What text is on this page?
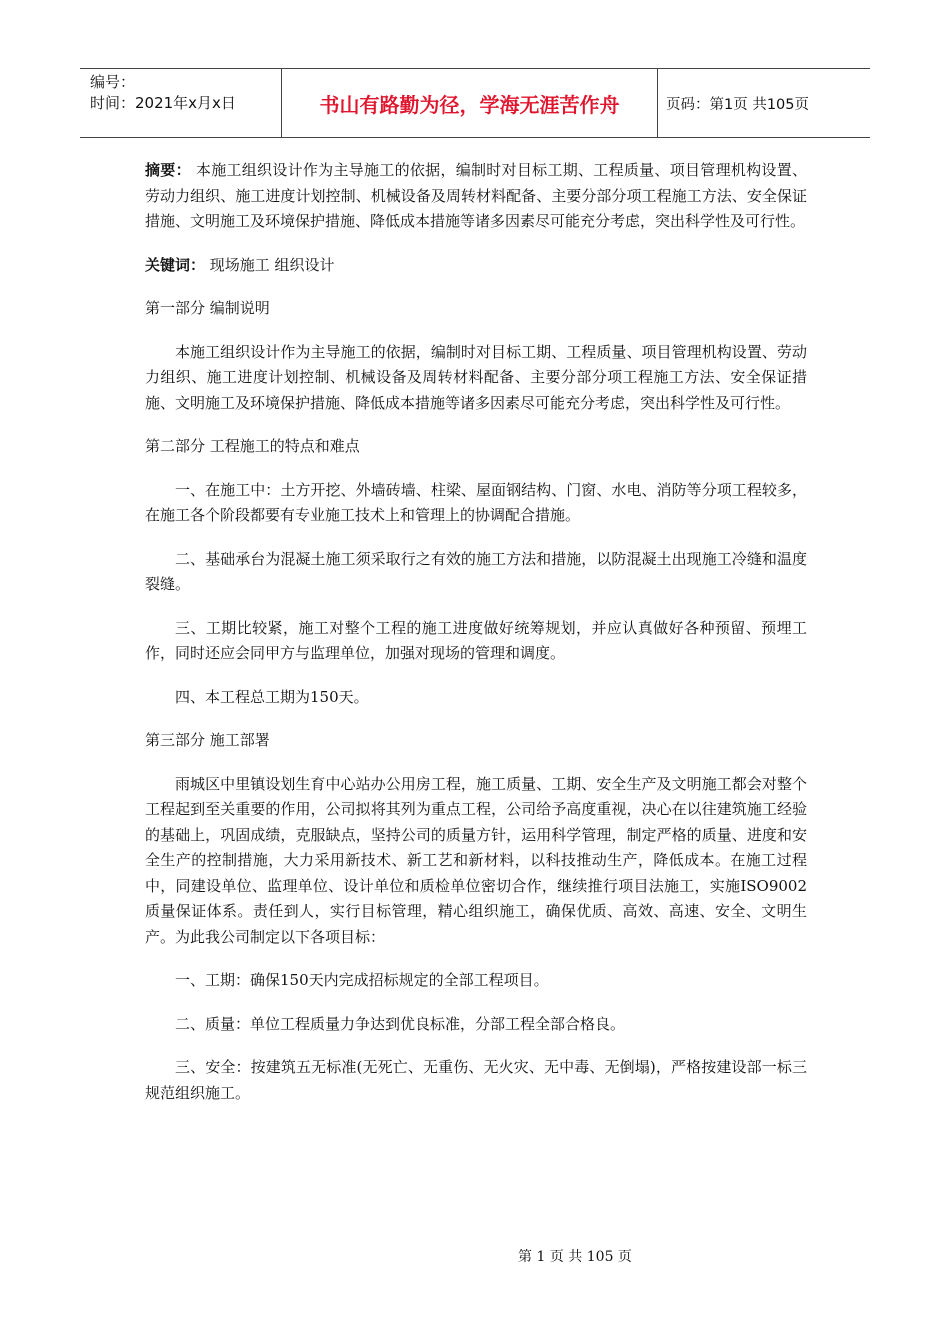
编号：
时间：2021年x月x日	书山有路勤为径，学海无涯苦作舟	页码：第1页 共105页

摘要： 本施工组织设计作为主导施工的依据，编制时对目标工期、工程质量、项目管理机构设置、劳动力组织、施工进度计划控制、机械设备及周转材料配备、主要分部分项工程施工方法、安全保证措施、文明施工及环境保护措施、降低成本措施等诸多因素尽可能充分考虑，突出科学性及可行性。

关键词： 现场施工 组织设计

第一部分 编制说明

本施工组织设计作为主导施工的依据，编制时对目标工期、工程质量、项目管理机构设置、劳动力组织、施工进度计划控制、机械设备及周转材料配备、主要分部分项工程施工方法、安全保证措施、文明施工及环境保护措施、降低成本措施等诸多因素尽可能充分考虑，突出科学性及可行性。

第二部分 工程施工的特点和难点

一、在施工中：土方开挖、外墙砖墙、柱梁、屋面钢结构、门窗、水电、消防等分项工程较多，在施工各个阶段都要有专业施工技术上和管理上的协调配合措施。

二、基础承台为混凝土施工须采取行之有效的施工方法和措施，以防混凝土出现施工冷缝和温度裂缝。

三、工期比较紧，施工对整个工程的施工进度做好统筹规划，并应认真做好各种预留、预埋工作，同时还应会同甲方与监理单位，加强对现场的管理和调度。

四、本工程总工期为150天。

第三部分 施工部署

雨城区中里镇设划生育中心站办公用房工程，施工质量、工期、安全生产及文明施工都会对整个工程起到至关重要的作用，公司拟将其列为重点工程，公司给予高度重视，决心在以往建筑施工经验的基础上，巩固成绩，克服缺点，坚持公司的质量方针，运用科学管理，制定严格的质量、进度和安全生产的控制措施，大力采用新技术、新工艺和新材料，以科技推动生产，降低成本。在施工过程中，同建设单位、监理单位、设计单位和质检单位密切合作，继续推行项目法施工，实施ISO9002质量保证体系。责任到人，实行目标管理，精心组织施工，确保优质、高效、高速、安全、文明生产。为此我公司制定以下各项目标：

一、工期：确保150天内完成招标规定的全部工程项目。

二、质量：单位工程质量力争达到优良标准，分部工程全部合格良。

三、安全：按建筑五无标准(无死亡、无重伤、无火灾、无中毒、无倒塌)，严格按建设部一标三规范组织施工。

第 1 页 共 105 页
